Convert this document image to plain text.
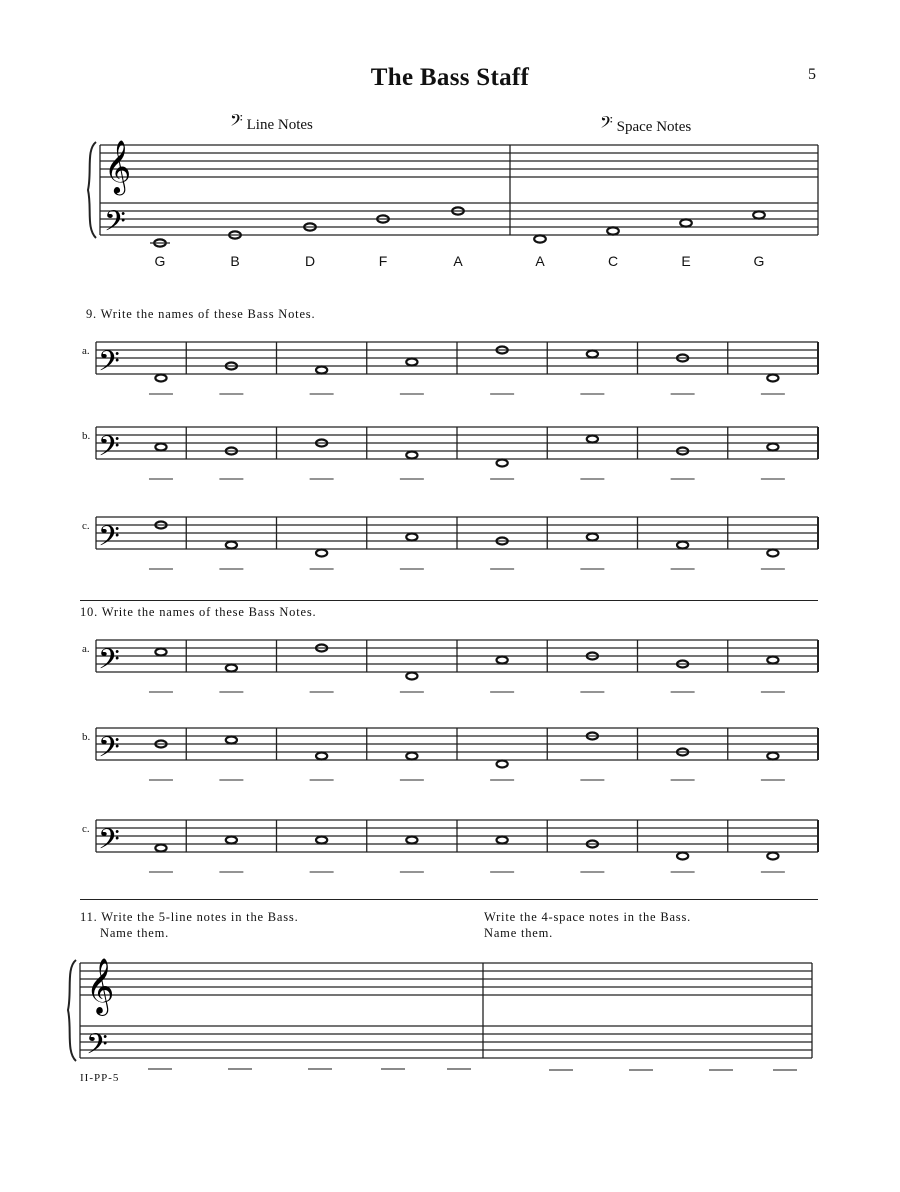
The Bass Staff	5
𝄢 Line Notes	𝄢 Space Notes
𝄞
𝄢
G	B	D	F	A	A	C	E	G
9. Write the names of these Bass Notes.
10. Write the names of these Bass Notes.
11. Write the 5-line notes in the Bass.
Name them.
Write the 4-space notes in the Bass.
Name them.
𝄞
𝄢
II-PP-5
𝄢
a.
𝄢
b.
𝄢
c.
𝄢
a.
𝄢
b.
𝄢
c.
